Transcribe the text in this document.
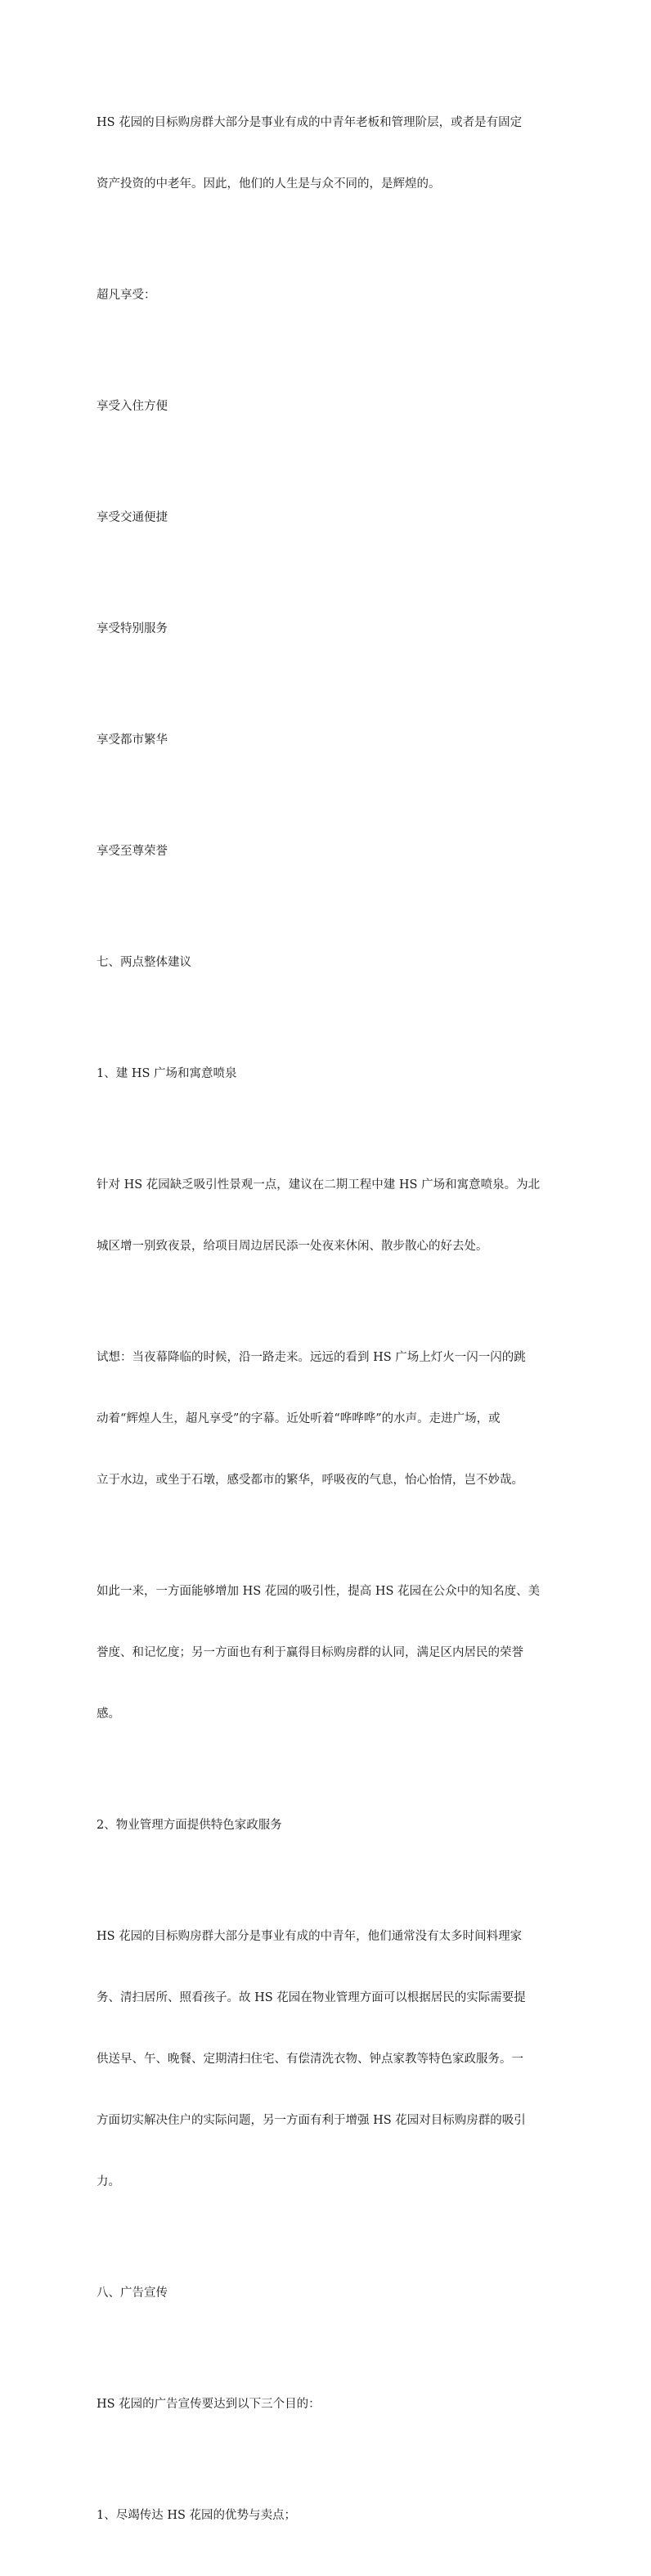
HS 花园的目标购房群大部分是事业有成的中青年老板和管理阶层，或者是有固定

资产投资的中老年。因此，他们的人生是与众不同的，是辉煌的。

超凡享受：

享受入住方便

享受交通便捷

享受特别服务

享受都市繁华

享受至尊荣誉

七、两点整体建议

1、建 HS 广场和寓意喷泉

针对 HS 花园缺乏吸引性景观一点，建议在二期工程中建 HS 广场和寓意喷泉。为北

城区增一别致夜景，给项目周边居民添一处夜来休闲、散步散心的好去处。

试想：当夜幕降临的时候，沿一路走来。远远的看到 HS 广场上灯火一闪一闪的跳

动着“辉煌人生，超凡享受”的字幕。近处听着“哗哗哗”的水声。走进广场，或

立于水边，或坐于石墩，感受都市的繁华，呼吸夜的气息，怡心怡情，岂不妙哉。

如此一来，一方面能够增加 HS 花园的吸引性，提高 HS 花园在公众中的知名度、美

誉度、和记忆度；另一方面也有利于赢得目标购房群的认同，满足区内居民的荣誉

感。

2、物业管理方面提供特色家政服务

HS 花园的目标购房群大部分是事业有成的中青年，他们通常没有太多时间料理家

务、清扫居所、照看孩子。故 HS 花园在物业管理方面可以根据居民的实际需要提

供送早、午、晚餐、定期清扫住宅、有偿清洗衣物、钟点家教等特色家政服务。一

方面切实解决住户的实际问题，另一方面有利于增强 HS 花园对目标购房群的吸引

力。

八、广告宣传

HS 花园的广告宣传要达到以下三个目的：

1、尽竭传达 HS 花园的优势与卖点；
